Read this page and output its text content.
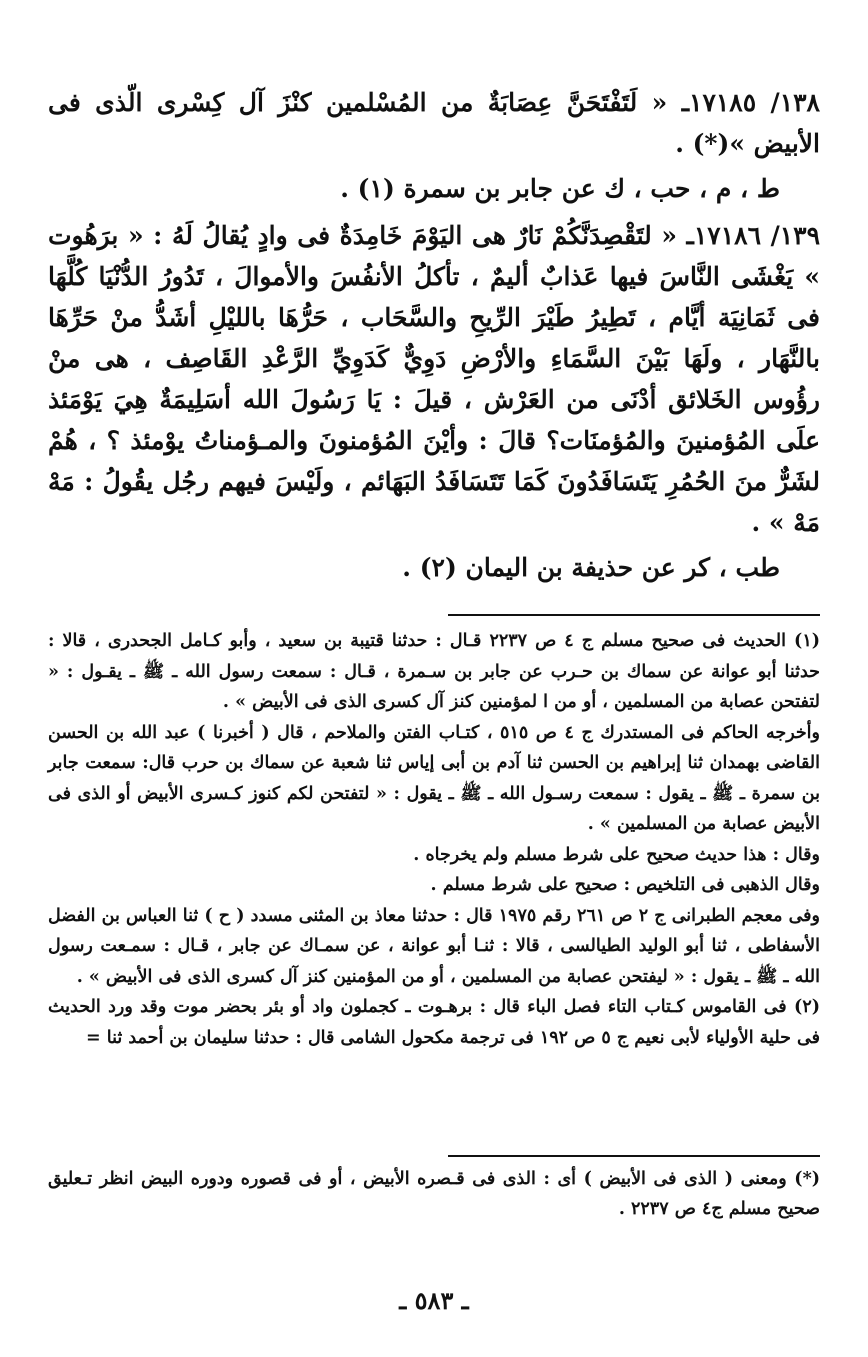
١٣٨/ ١٧١٨٥ـ « لَتَفْتَحَنَّ عِصَابَةٌ من المُسْلمين كنْزَ آل كِسْرى الّذى فى الأبيض »(*) .

ط ، م ، حب ، ك عن جابر بن سمرة (١) .

١٣٩/ ١٧١٨٦ـ « لتَقْصِدَنَّكُمْ نَارٌ هى اليَوْمَ خَامِدَةٌ فى وادٍ يُقالُ لَهُ : « برَهُوت » يَغْشَى النَّاسَ فيها عَذابٌ أليمٌ ، تأكلُ الأنفُسَ والأموالَ ، تَدُورُ الدُّنْيَا كُلَّهَا فى ثَمَانِيَة أيَّام ، تَطِيرُ طَيْرَ الرِّيحِ والسَّحَاب ، حَرُّهَا بالليْلِ أشَدُّ منْ حَرِّهَا بالنَّهَار ، ولَهَا بَيْنَ السَّمَاءِ والأرْضِ دَوِيٌّ كَدَوِيِّ الرَّعْدِ القَاصِف ، هى منْ رؤُوس الخَلائق أدْنَى من العَرْش ، قيلَ : يَا رَسُولَ الله أسَلِيمَةٌ هِيَ يَوْمَئذ علَى المُؤمنينَ والمُؤمنَات؟ قالَ : وأيْنَ المُؤمنونَ والمـؤمناتُ يوْمئذ ؟ ، هُمْ لشَرٌّ منَ الحُمُرِ يَتَسَافَدُونَ كَمَا تَتَسَافَدُ البَهَائم ، ولَيْسَ فيهم رجُل يقُولُ : مَهْ مَهْ » .

طب ، كر عن حذيفة بن اليمان (٢) .

(١) الحديث فى صحيح مسلم ج ٤ ص ٢٢٣٧ قـال : حدثنا قتيبة بن سعيد ، وأبو كـامل الجحدرى ، قالا : حدثنا أبو عوانة عن سماك بن حـرب عن جابر بن سـمرة ، قـال : سمعت رسول الله ـ ﷺ ـ يقـول : « لتفتحن عصابة من المسلمين ، أو من ا لمؤمنين كنز آل كسرى الذى فى الأبيض » .

وأخرجه الحاكم فى المستدرك ج ٤ ص ٥١٥ ، كتـاب الفتن والملاحم ، قال ( أخبرنا ) عبد الله بن الحسن القاضى بهمدان ثنا إبراهيم بن الحسن ثنا آدم بن أبى إياس ثنا شعبة عن سماك بن حرب قال: سمعت جابر بن سمرة ـ ﷺ ـ يقول : سمعت رسـول الله ـ ﷺ ـ يقول : « لتفتحن لكم كنوز كـسرى الأبيض أو الذى فى الأبيض عصابة من المسلمين » .

وقال : هذا حديث صحيح على شرط مسلم ولم يخرجاه .

وقال الذهبى فى التلخيص : صحيح على شرط مسلم .

وفى معجم الطبرانى ج ٢ ص ٢٦١ رقم ١٩٧٥ قال : حدثنا معاذ بن المثنى مسدد ( ح ) ثنا العباس بن الفضل الأسفاطى ، ثنا أبو الوليد الطيالسى ، قالا : ثنـا أبو عوانة ، عن سمـاك عن جابر ، قـال : سمـعت رسول الله ـ ﷺ ـ يقول : « ليفتحن عصابة من المسلمين ، أو من المؤمنين كنز آل كسرى الذى فى الأبيض » .

(٢) فى القاموس كـتاب التاء فصل الباء قال : برهـوت ـ كجملون واد أو بئر بحضر موت وقد ورد الحديث فى حلية الأولياء لأبى نعيم ج ٥ ص ١٩٢ فى ترجمة مكحول الشامى قال : حدثنا سليمان بن أحمد ثنا =

(*) ومعنى ( الذى فى الأبيض ) أى : الذى فى قـصره الأبيض ، أو فى قصوره ودوره البيض انظر تـعليق صحيح مسلم ج٤ ص ٢٢٣٧ .

ـ ٥٨٣ ـ
